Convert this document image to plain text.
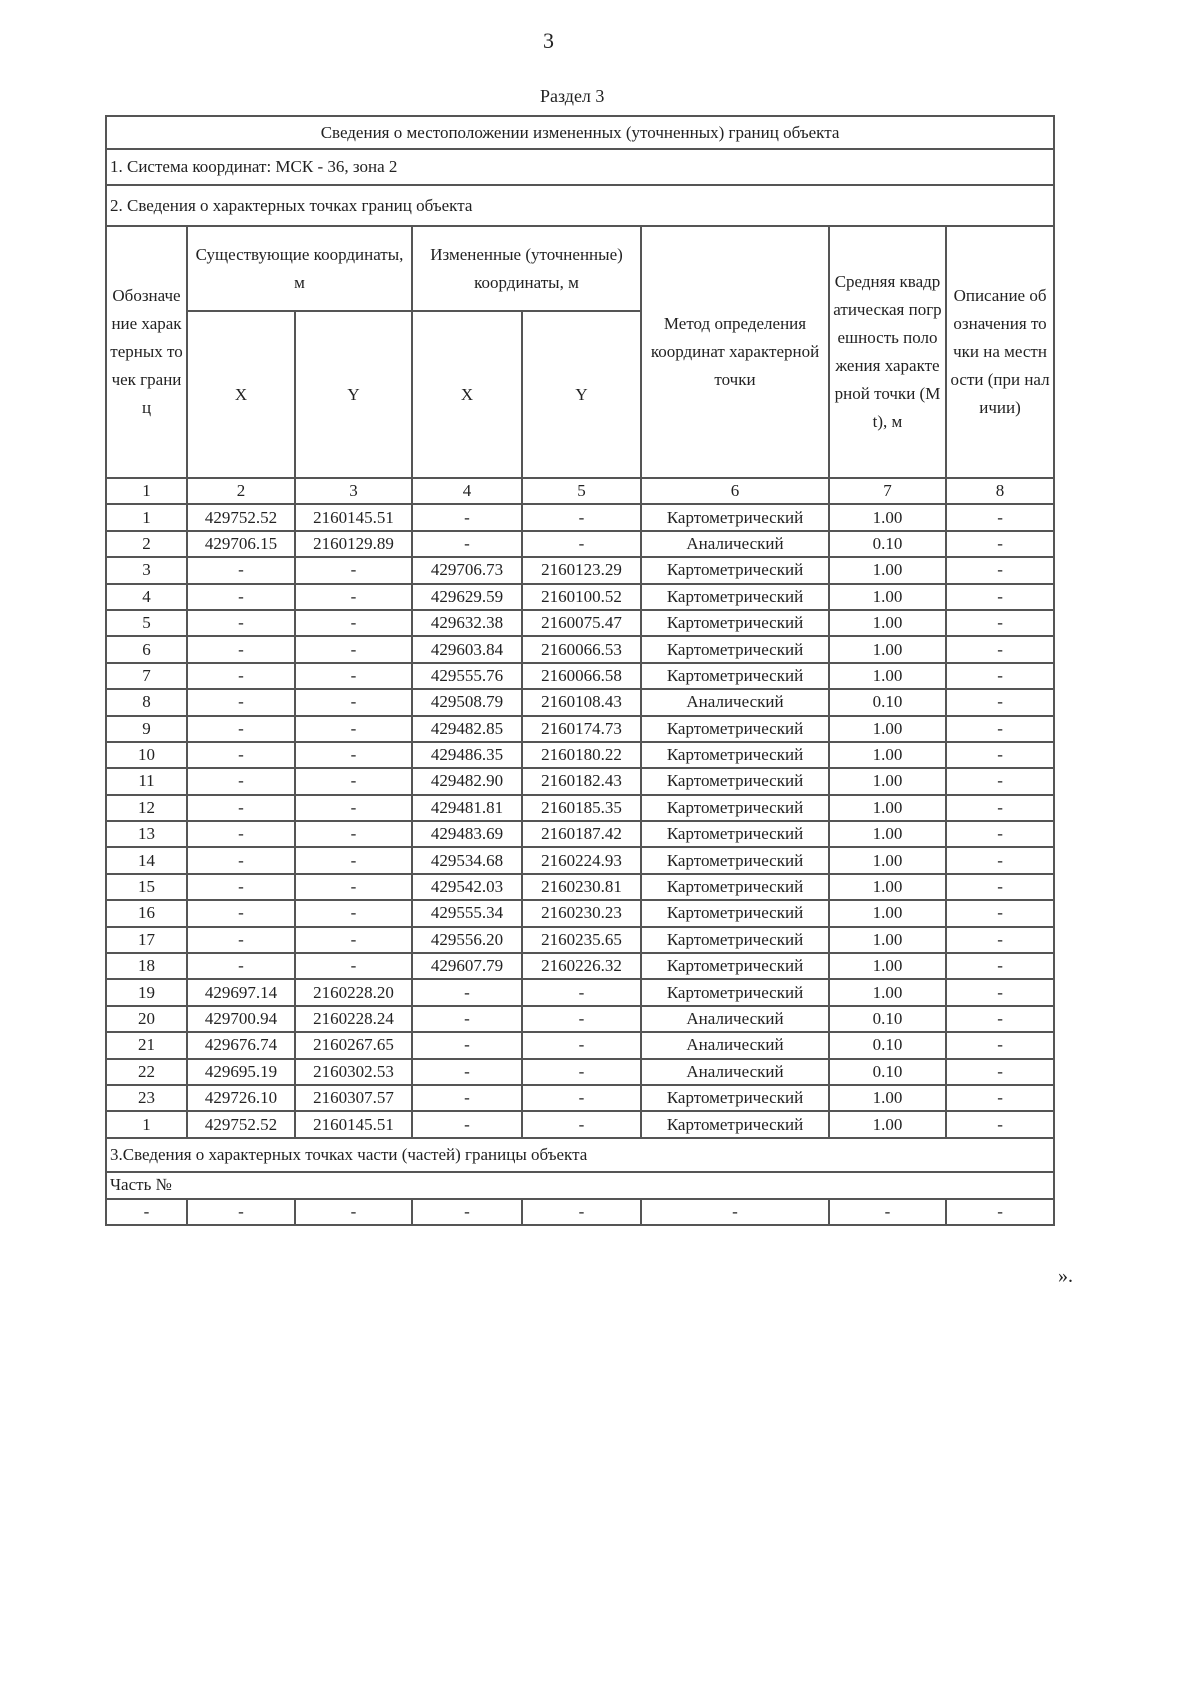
3
Раздел 3
Сведения о местоположении измененных (уточненных) границ объекта							
1. Система координат: МСК - 36, зона 2							
2. Сведения о характерных точках границ объекта							
Обозначение характерных точек границ	Существующие координаты, м		Измененные (уточненные) координаты, м		Метод определения координат характерной точки	Средняя квадратическая погрешность положения характерной точки (Mt), м	Описание обозначения точки на местности (при наличии)
	X	Y	X	Y			
1	2	3	4	5	6	7	8
1	429752.52	2160145.51	-	-	Картометрический	1.00	-
2	429706.15	2160129.89	-	-	Аналический	0.10	-
3	-	-	429706.73	2160123.29	Картометрический	1.00	-
4	-	-	429629.59	2160100.52	Картометрический	1.00	-
5	-	-	429632.38	2160075.47	Картометрический	1.00	-
6	-	-	429603.84	2160066.53	Картометрический	1.00	-
7	-	-	429555.76	2160066.58	Картометрический	1.00	-
8	-	-	429508.79	2160108.43	Аналический	0.10	-
9	-	-	429482.85	2160174.73	Картометрический	1.00	-
10	-	-	429486.35	2160180.22	Картометрический	1.00	-
11	-	-	429482.90	2160182.43	Картометрический	1.00	-
12	-	-	429481.81	2160185.35	Картометрический	1.00	-
13	-	-	429483.69	2160187.42	Картометрический	1.00	-
14	-	-	429534.68	2160224.93	Картометрический	1.00	-
15	-	-	429542.03	2160230.81	Картометрический	1.00	-
16	-	-	429555.34	2160230.23	Картометрический	1.00	-
17	-	-	429556.20	2160235.65	Картометрический	1.00	-
18	-	-	429607.79	2160226.32	Картометрический	1.00	-
19	429697.14	2160228.20	-	-	Картометрический	1.00	-
20	429700.94	2160228.24	-	-	Аналический	0.10	-
21	429676.74	2160267.65	-	-	Аналический	0.10	-
22	429695.19	2160302.53	-	-	Аналический	0.10	-
23	429726.10	2160307.57	-	-	Картометрический	1.00	-
1	429752.52	2160145.51	-	-	Картометрический	1.00	-
3.Сведения о характерных точках части (частей) границы объекта							
Часть №							
-	-	-	-	-	-	-	-
».
